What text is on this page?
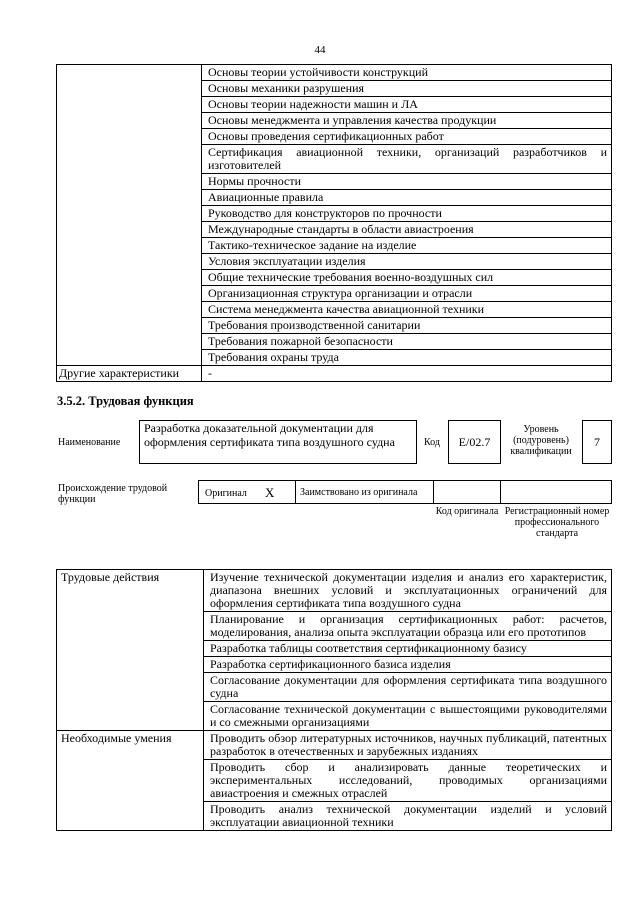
44
	Основы теории устойчивости конструкций
	Основы механики разрушения
	Основы теории надежности машин и ЛА
	Основы менеджмента и управления качества продукции
	Основы проведения сертификационных работ
	Сертификация авиационной техники, организаций разработчиков и изготовителей
	Нормы прочности
	Авиационные правила
	Руководство для конструкторов по прочности
	Международные стандарты в области авиастроения
	Тактико-техническое задание на изделие
	Условия эксплуатации изделия
	Общие технические требования военно-воздушных сил
	Организационная структура организации и отрасли
	Система менеджмента качества авиационной техники
	Требования производственной санитарии
	Требования пожарной безопасности
	Требования охраны труда
Другие характеристики	-
3.5.2. Трудовая функция
Наименование
Разработка доказательной документации для оформления сертификата типа воздушного судна	Код E/02.7
Уровень (подуровень) квалификации
7
Происхождение трудовой функции
Оригинал X	Заимствовано из оригинала
Код оригинала Регистрационный номер профессионального стандарта
Трудовые действия	Изучение технической документации изделия и анализ его характеристик, диапазона внешних условий и эксплуатационных ограничений для оформления сертификата типа воздушного судна
	Планирование и организация сертификационных работ: расчетов, моделирования, анализа опыта эксплуатации образца или его прототипов
	Разработка таблицы соответствия сертификационному базису
	Разработка сертификационного базиса изделия
	Согласование документации для оформления сертификата типа воздушного судна
	Согласование технической документации с вышестоящими руководителями и со смежными организациями
Необходимые умения	Проводить обзор литературных источников, научных публикаций, патентных разработок в отечественных и зарубежных изданиях
	Проводить сбор и анализировать данные теоретических и экспериментальных исследований, проводимых организациями авиастроения и смежных отраслей
	Проводить анализ технической документации изделий и условий эксплуатации авиационной техники
